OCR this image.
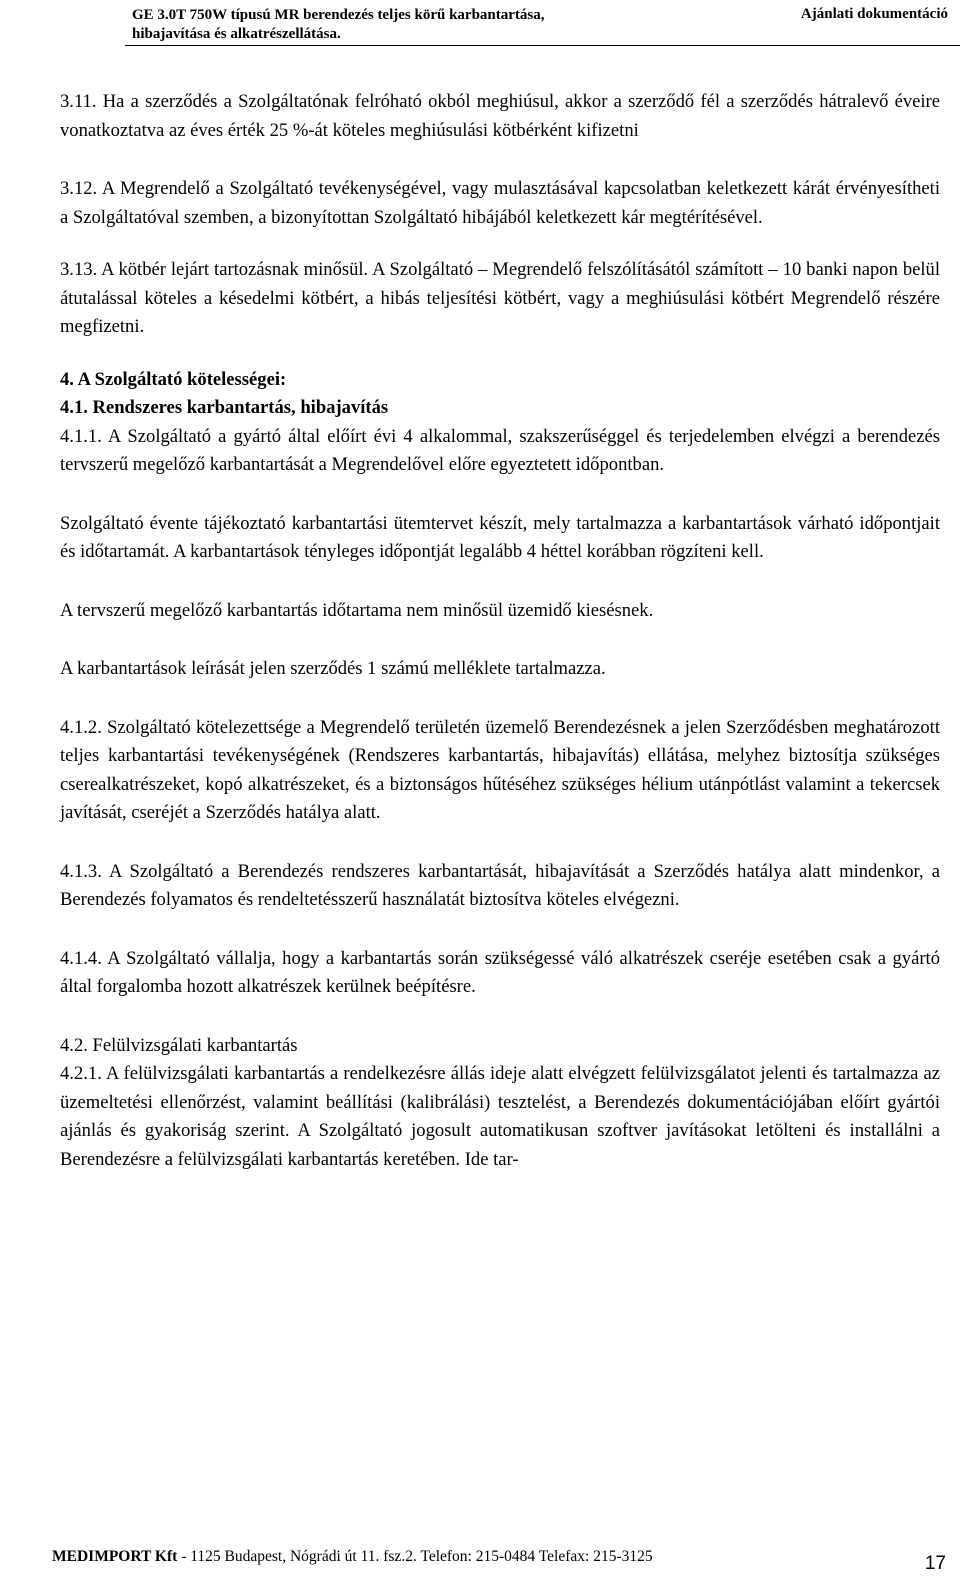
GE 3.0T 750W típusú MR berendezés teljes körű karbantartása,
hibajavítása és alkatrészellátása.
Ajánlati dokumentáció

3.11. Ha a szerződés a Szolgáltatónak felróható okból meghiúsul, akkor a szerződő fél a szerződés hátralevő éveire vonatkoztatva az éves érték 25 %-át köteles meghiúsulási kötbérként kifizetni

3.12. A Megrendelő a Szolgáltató tevékenységével, vagy mulasztásával kapcsolatban keletkezett kárát érvényesítheti a Szolgáltatóval szemben, a bizonyítottan Szolgáltató hibájából keletkezett kár megtérítésével.

3.13. A kötbér lejárt tartozásnak minősül. A Szolgáltató – Megrendelő felszólításától számított – 10 banki napon belül átutalással köteles a késedelmi kötbért, a hibás teljesítési kötbért, vagy a meghiúsulási kötbért Megrendelő részére megfizetni.

4. A Szolgáltató kötelességei:

4.1. Rendszeres karbantartás, hibajavítás

4.1.1. A Szolgáltató a gyártó által előírt évi 4 alkalommal, szakszerűséggel és terjedelemben elvégzi a berendezés tervszerű megelőző karbantartását a Megrendelővel előre egyeztetett időpontban.

Szolgáltató évente tájékoztató karbantartási ütemtervet készít, mely tartalmazza a karbantartások várható időpontjait és időtartamát. A karbantartások tényleges időpontját legalább 4 héttel korábban rögzíteni kell.

A tervszerű megelőző karbantartás időtartama nem minősül üzemidő kiesésnek.

A karbantartások leírását jelen szerződés 1 számú melléklete tartalmazza.

4.1.2. Szolgáltató kötelezettsége a Megrendelő területén üzemelő Berendezésnek a jelen Szerződésben meghatározott teljes karbantartási tevékenységének (Rendszeres karbantartás, hibajavítás) ellátása, melyhez biztosítja szükséges cserealkatrészeket, kopó alkatrészeket, és a biztonságos hűtéséhez szükséges hélium utánpótlást valamint a tekercsek javítását, cseréjét a Szerződés hatálya alatt.

4.1.3. A Szolgáltató a Berendezés rendszeres karbantartását, hibajavítását a Szerződés hatálya alatt mindenkor, a Berendezés folyamatos és rendeltetésszerű használatát biztosítva köteles elvégezni.

4.1.4. A Szolgáltató vállalja, hogy a karbantartás során szükségessé váló alkatrészek cseréje esetében csak a gyártó által forgalomba hozott alkatrészek kerülnek beépítésre.

4.2. Felülvizsgálati karbantartás

4.2.1. A felülvizsgálati karbantartás a rendelkezésre állás ideje alatt elvégzett felülvizsgálatot jelenti és tartalmazza az üzemeltetési ellenőrzést, valamint beállítási (kalibrálási) tesztelést, a Berendezés dokumentációjában előírt gyártói ajánlás és gyakoriság szerint. A Szolgáltató jogosult automatikusan szoftver javításokat letölteni és installálni a Berendezésre a felülvizsgálati karbantartás keretében. Ide tar-

MEDIMPORT Kft - 1125 Budapest, Nógrádi út 11. fsz.2. Telefon: 215-0484 Telefax: 215-3125	17
